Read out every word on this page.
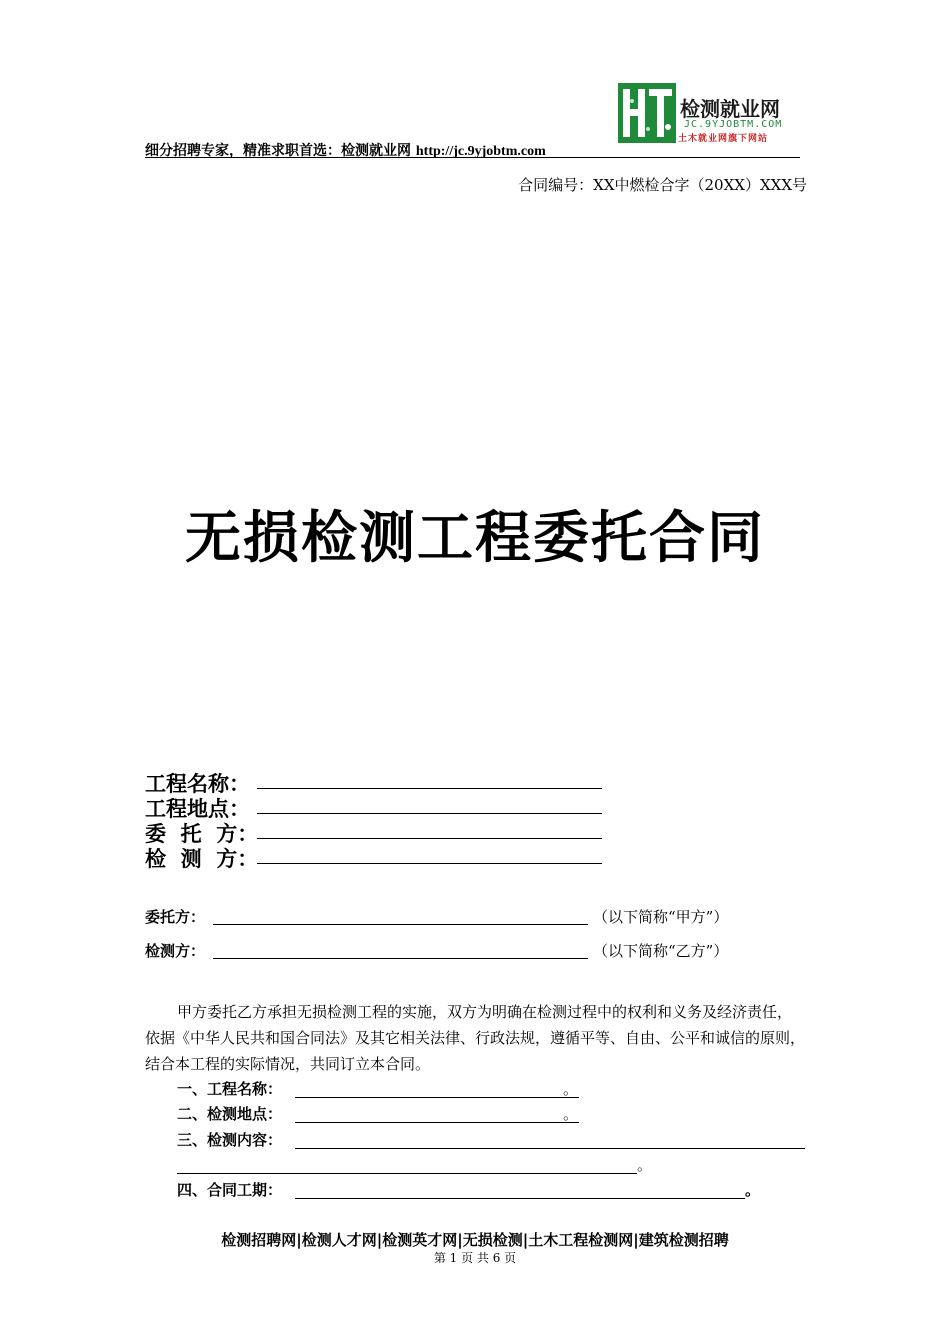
细分招聘专家，精准求职首选：检测就业网 http://jc.9yjobtm.com
检测就业网
JC.9YJOBTM.COM
土木就业网旗下网站
合同编号：XX中燃检合字（20XX）XXX号
无损检测工程委托合同
工程名称：
工程地点：
委  托  方：
检  测  方：
委托方：	（以下简称“甲方”）
检测方：	（以下简称“乙方”）
甲方委托乙方承担无损检测工程的实施，双方为明确在检测过程中的权利和义务及经济责任，依据《中华人民共和国合同法》及其它相关法律、行政法规，遵循平等、自由、公平和诚信的原则，结合本工程的实际情况，共同订立本合同。
一、工程名称：	。
二、检测地点：	。
三、检测内容：
。
四、合同工期：	。
检测招聘网|检测人才网|检测英才网|无损检测|土木工程检测网|建筑检测招聘
第 1 页 共 6 页
